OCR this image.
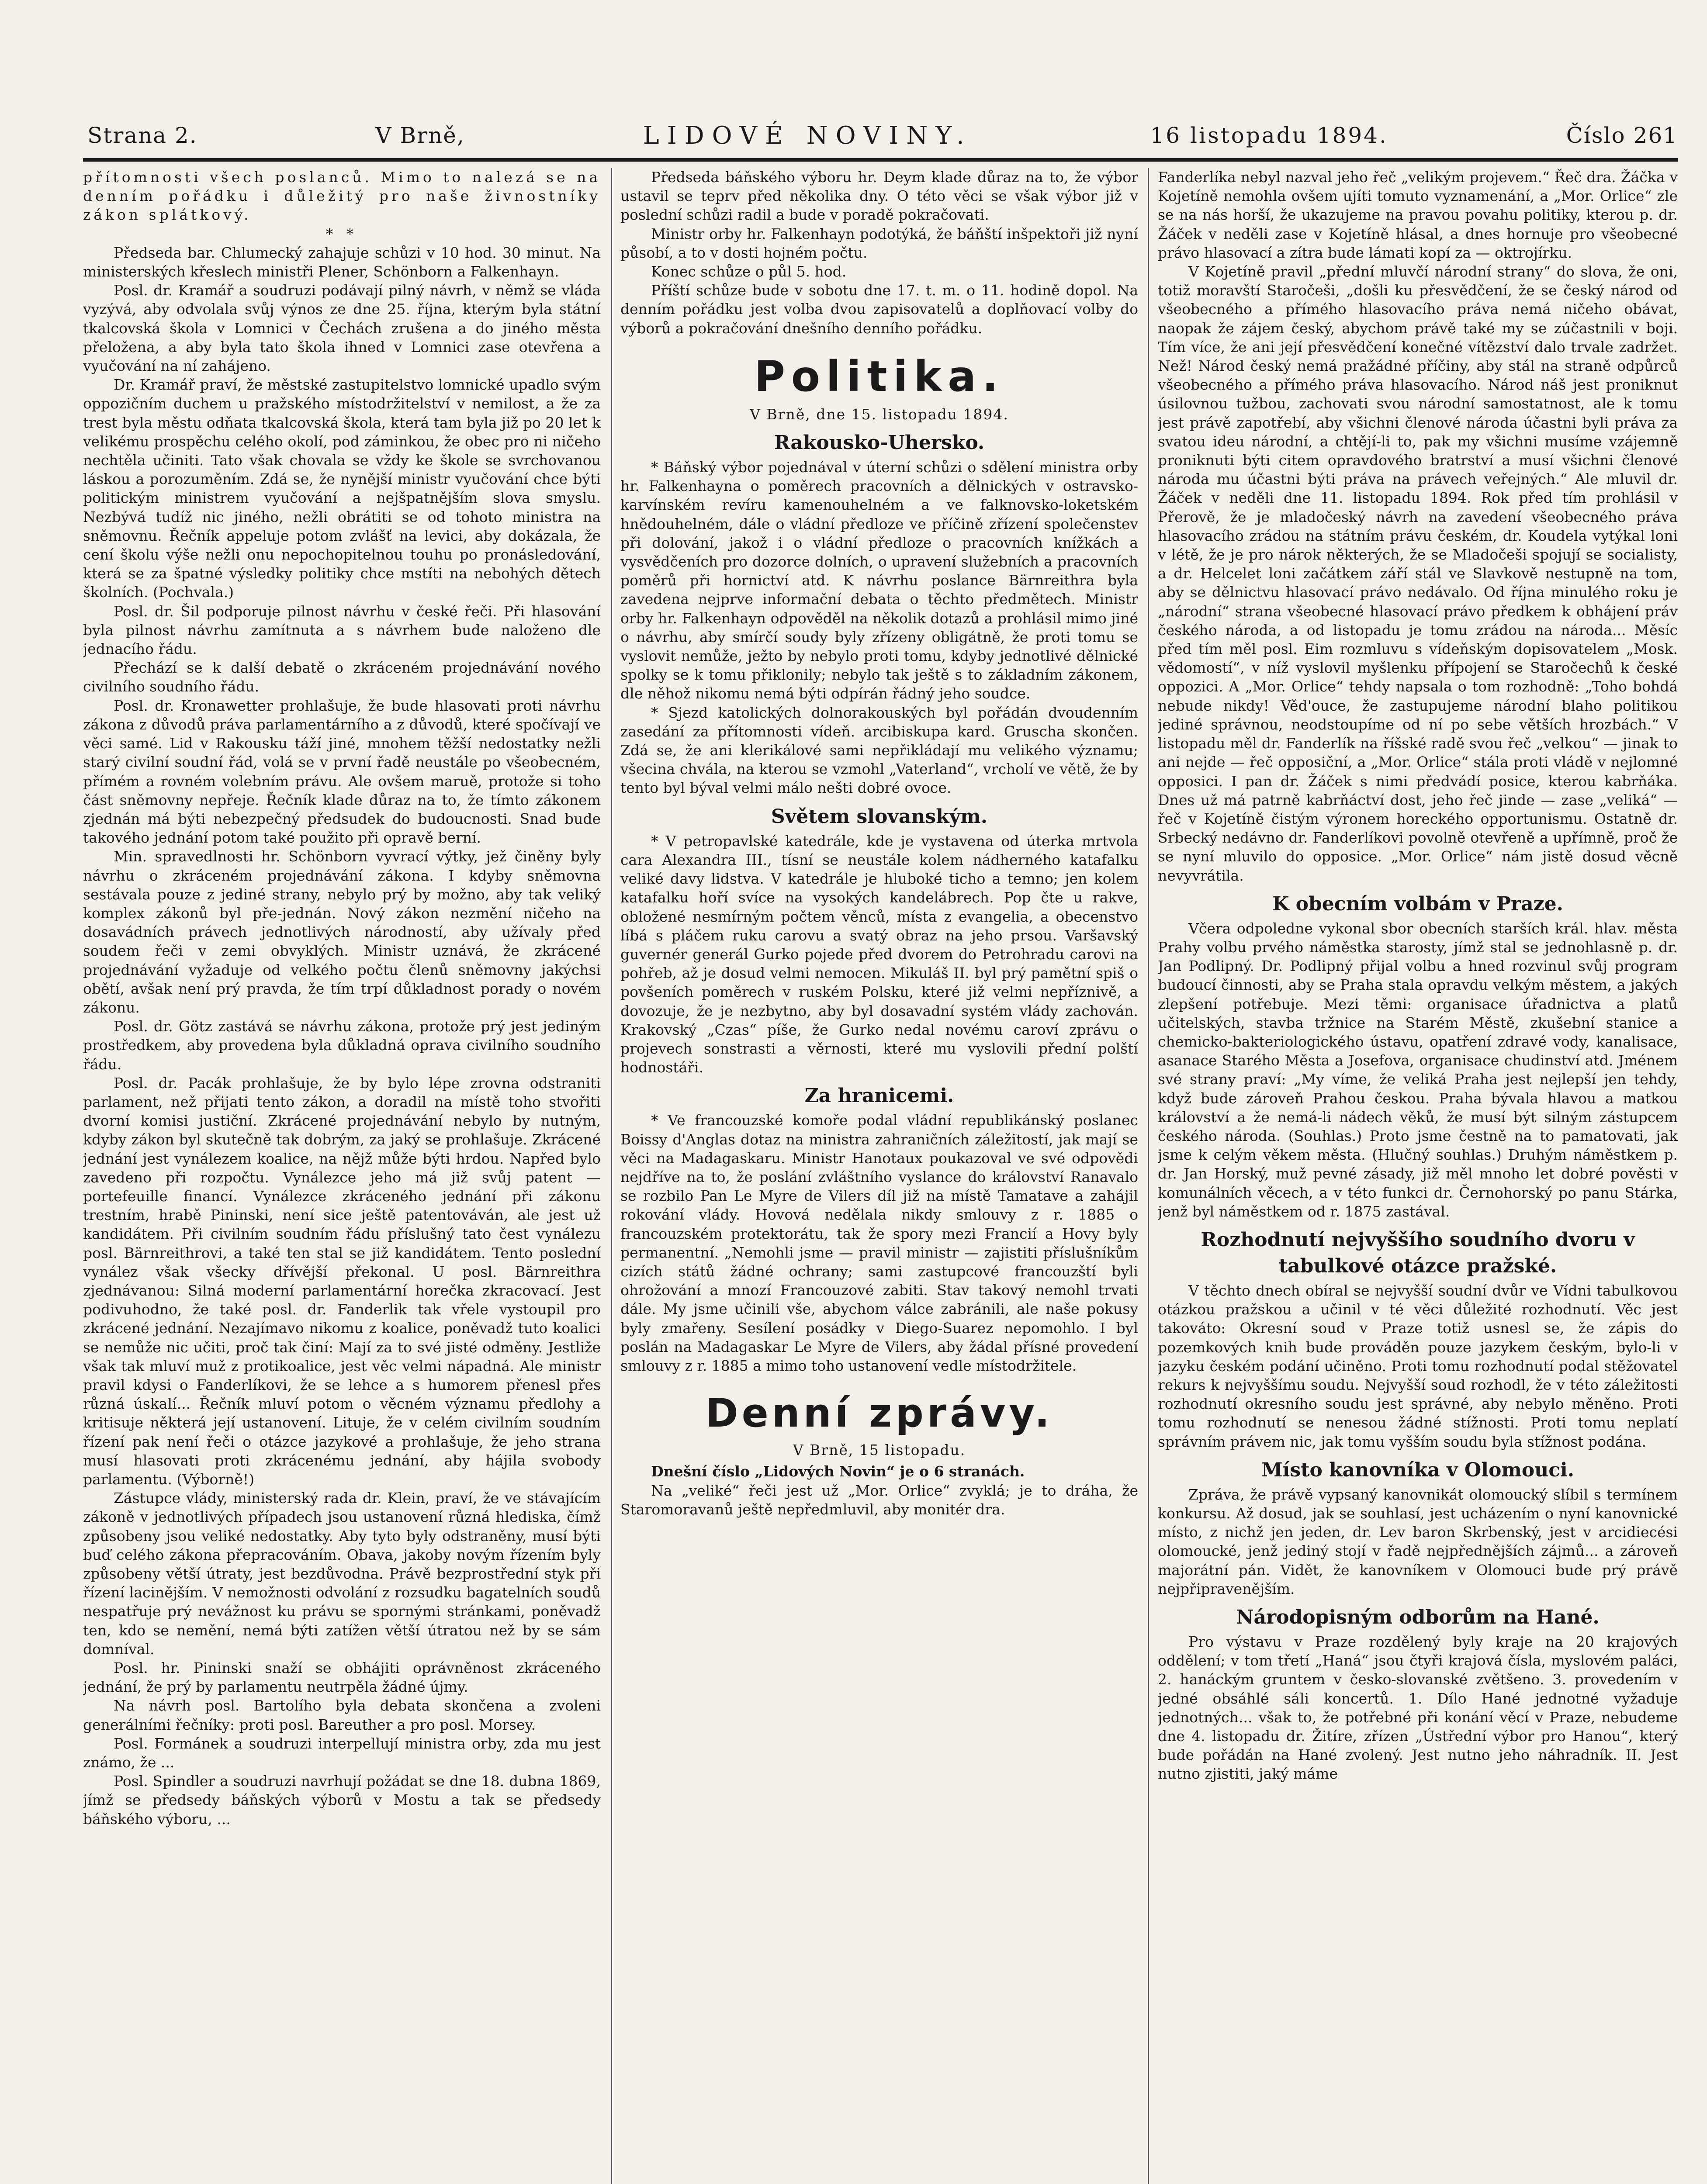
Strana 2.	V Brně,	LIDOVÉ NOVINY.	16 listopadu 1894.	Číslo 261

přítomnosti všech poslanců. Mimo to nalezá se na denním pořádku i důležitý pro naše živnostníky zákon splátkový.

* *

Předseda bar. Chlumecký zahajuje schůzi v 10 hod. 30 minut. Na ministerských křeslech ministři Plener, Schönborn a Falkenhayn.

Posl. dr. Kramář a soudruzi podávají pilný návrh, v němž se vláda vyzývá, aby odvolala svůj výnos ze dne 25. října, kterým byla státní tkalcovská škola v Lomnici v Čechách zrušena a do jiného města přeložena, a aby byla tato škola ihned v Lomnici zase otevřena a vyučování na ní zahájeno.

Dr. Kramář praví, že městské zastupitelstvo lomnické upadlo svým oppozičním duchem u pražského místodržitelství v nemilost, a že za trest byla městu odňata tkalcovská škola, která tam byla již po 20 let k velikému prospěchu celého okolí, pod záminkou, že obec pro ni ničeho nechtěla učiniti. Tato však chovala se vždy ke škole se svrchovanou láskou a porozuměním. Zdá se, že nynější ministr vyučování chce býti politickým ministrem vyučování a nejšpatnějším slova smyslu. Nezbývá tudíž nic jiného, nežli obrátiti se od tohoto ministra na sněmovnu. Řečník appeluje potom zvlášť na levici, aby dokázala, že cení školu výše nežli onu nepochopitelnou touhu po pronásledování, která se za špatné výsledky politiky chce mstíti na nebohých dětech školních. (Pochvala.)

Posl. dr. Šil podporuje pilnost návrhu v české řeči. Při hlasování byla pilnost návrhu zamítnuta a s návrhem bude naloženo dle jednacího řádu.

Přechází se k další debatě o zkráceném projednávání nového civilního soudního řádu.

Posl. dr. Kronawetter prohlašuje, že bude hlasovati proti návrhu zákona z důvodů práva parlamentárního a z důvodů, které spočívají ve věci samé. Lid v Rakousku táží jiné, mnohem těžší nedostatky nežli starý civilní soudní řád, volá se v první řadě neustále po všeobecném, přímém a rovném volebním právu. Ale ovšem maruě, protože si toho část sněmovny nepřeje. Řečník klade důraz na to, že tímto zákonem zjednán má býti nebezpečný předsudek do budoucnosti. Snad bude takového jednání potom také použito při opravě berní.

Min. spravedlnosti hr. Schönborn vyvrací výtky, jež činěny byly návrhu o zkráceném projednávání zákona. I kdyby sněmovna sestávala pouze z jediné strany, nebylo prý by možno, aby tak veliký komplex zákonů byl pře-jednán. Nový zákon nezmění ničeho na dosavádních právech jednotlivých národností, aby užívaly před soudem řeči v zemi obvyklých. Ministr uznává, že zkrácené projednávání vyžaduje od velkého počtu členů sněmovny jakýchsi obětí, avšak není prý pravda, že tím trpí důkladnost porady o novém zákonu.

Posl. dr. Götz zastává se návrhu zákona, protože prý jest jediným prostředkem, aby provedena byla důkladná oprava civilního soudního řádu.

Posl. dr. Pacák prohlašuje, že by bylo lépe zrovna odstraniti parlament, než přijati tento zákon, a doradil na místě toho stvořiti dvorní komisi justiční. Zkrácené projednávání nebylo by nutným, kdyby zákon byl skutečně tak dobrým, za jaký se prohlašuje. Zkrácené jednání jest vynálezem koalice, na nějž může býti hrdou. Napřed bylo zavedeno při rozpočtu. Vynálezce jeho má již svůj patent — portefeuille financí. Vynálezce zkráceného jednání při zákonu trestním, hrabě Pininski, není sice ještě patentováván, ale jest už kandidátem. Při civilním soudním řádu příslušný tato čest vynálezu posl. Bärnreithrovi, a také ten stal se již kandidátem. Tento poslední vynález však všecky dřívější překonal. U posl. Bärnreithra zjednávanou: Silná moderní parlamentární horečka zkracovací. Jest podivuhodno, že také posl. dr. Fanderlik tak vřele vystoupil pro zkrácené jednání. Nezajímavo nikomu z koalice, poněvadž tuto koalici se nemůže nic učiti, proč tak činí: Mají za to své jisté odměny. Jestliže však tak mluví muž z protikoalice, jest věc velmi nápadná. Ale ministr pravil kdysi o Fanderlíkovi, že se lehce a s humorem přenesl přes různá úskalí... Řečník mluví potom o věcném významu předlohy a kritisuje některá její ustanovení. Lituje, že v celém civilním soudním řízení pak není řeči o otázce jazykové a prohlašuje, že jeho strana musí hlasovati proti zkrácenému jednání, aby hájila svobody parlamentu. (Výborně!)

Zástupce vlády, ministerský rada dr. Klein, praví, že ve stávajícím zákoně v jednotlivých případech jsou ustanovení různá hlediska, čímž způsobeny jsou veliké nedostatky. Aby tyto byly odstraněny, musí býti buď celého zákona přepracováním. Obava, jakoby novým řízením byly způsobeny větší útraty, jest bezdůvodna. Právě bezprostřední styk při řízení lacinějším. V nemožnosti odvolání z rozsudku bagatelních soudů nespatřuje prý nevážnost ku právu se spornými stránkami, poněvadž ten, kdo se nemění, nemá býti zatížen větší útratou než by se sám domníval.

Posl. hr. Pininski snaží se obhájiti oprávněnost zkráceného jednání, že prý by parlamentu neutrpěla žádné újmy.

Na návrh posl. Bartolího byla debata skončena a zvoleni generálními řečníky: proti posl. Bareuther a pro posl. Morsey.

Posl. Formánek a soudruzi interpellují ministra orby, zda mu jest známo, že ...

Posl. Spindler a soudruzi navrhují požádat se dne 18. dubna 1869, jímž se předsedy báňských výborů v Mostu a tak se předsedy báňského výboru, ...

Předseda báňského výboru hr. Deym klade důraz na to, že výbor ustavil se teprv před několika dny. O této věci se však výbor již v poslední schůzi radil a bude v poradě pokračovati.

Ministr orby hr. Falkenhayn podotýká, že báňští inšpektoři již nyní působí, a to v dosti hojném počtu.

Konec schůze o půl 5. hod.

Příští schůze bude v sobotu dne 17. t. m. o 11. hodině dopol. Na denním pořádku jest volba dvou zapisovatelů a doplňovací volby do výborů a pokračování dnešního denního pořádku.

Politika.

V Brně, dne 15. listopadu 1894.

Rakousko-Uhersko.

* Báňský výbor pojednával v úterní schůzi o sdělení ministra orby hr. Falkenhayna o poměrech pracovních a dělnických v ostravsko-karvínském revíru kamenouhelném a ve falknovsko-loketském hnědouhelném, dále o vládní předloze ve příčině zřízení společenstev při dolování, jakož i o vládní předloze o pracovních knížkách a vysvědčeních pro dozorce dolních, o upravení služebních a pracovních poměrů při hornictví atd. K návrhu poslance Bärnreithra byla zavedena nejprve informační debata o těchto předmětech. Ministr orby hr. Falkenhayn odpověděl na několik dotazů a prohlásil mimo jiné o návrhu, aby smírčí soudy byly zřízeny obligátně, že proti tomu se vyslovit nemůže, ježto by nebylo proti tomu, kdyby jednotlivé dělnické spolky se k tomu přiklonily; nebylo tak ještě s to základním zákonem, dle něhož nikomu nemá býti odpírán řádný jeho soudce.

* Sjezd katolických dolnorakouských byl pořádán dvoudenním zasedání za přítomnosti vídeň. arcibiskupa kard. Gruscha skončen. Zdá se, že ani klerikálové sami nepřikládají mu velikého významu; všecina chvála, na kterou se vzmohl „Vaterland“, vrcholí ve větě, že by tento byl býval velmi málo nešti dobré ovoce.

Světem slovanským.

* V petropavlské katedrále, kde je vystavena od úterka mrtvola cara Alexandra III., tísní se neustále kolem nádherného katafalku veliké davy lidstva. V katedrále je hluboké ticho a temno; jen kolem katafalku hoří svíce na vysokých kandelábrech. Pop čte u rakve, obložené nesmírným počtem věnců, místa z evangelia, a obecenstvo líbá s pláčem ruku carovu a svatý obraz na jeho prsou. Varšavský guvernér generál Gurko pojede před dvorem do Petrohradu carovi na pohřeb, až je dosud velmi nemocen. Mikuláš II. byl prý pamětní spiš o povšeních poměrech v ruském Polsku, které již velmi nepříznivě, a dovozuje, že je nezbytno, aby byl dosavadní systém vlády zachován. Krakovský „Czas“ píše, že Gurko nedal novému caroví zprávu o projevech sonstrasti a věrnosti, které mu vyslovili přední polští hodnostáři.

Za hranicemi.

* Ve francouzské komoře podal vládní republikánský poslanec Boissy d'Anglas dotaz na ministra zahraničních záležitostí, jak mají se věci na Madagaskaru. Ministr Hanotaux poukazoval ve své odpovědi nejdříve na to, že poslání zvláštního vyslance do království Ranavalo se rozbilo Pan Le Myre de Vilers díl již na místě Tamatave a zahájil rokování vlády. Hovová nedělala nikdy smlouvy z r. 1885 o francouzském protektorátu, tak že spory mezi Francií a Hovy byly permanentní. „Nemohli jsme — pravil ministr — zajistiti příslušníkům cizích států žádné ochrany; sami zastupcové francouzští byli ohrožování a mnozí Francouzové zabiti. Stav takový nemohl trvati dále. My jsme učinili vše, abychom válce zabránili, ale naše pokusy byly zmařeny. Sesílení posádky v Diego-Suarez nepomohlo. I byl poslán na Madagaskar Le Myre de Vilers, aby žádal přísné provedení smlouvy z r. 1885 a mimo toho ustanovení vedle místodržitele.

Denní zprávy.

V Brně, 15 listopadu.

Dnešní číslo „Lidových Novin“ je o 6 stranách.

Na „veliké“ řeči jest už „Mor. Orlice“ zvyklá; je to dráha, že Staromoravanů ještě nepředmluvil, aby monitér dra.

Fanderlíka nebyl nazval jeho řeč „velikým projevem.“ Řeč dra. Žáčka v Kojetíně nemohla ovšem ujíti tomuto vyznamenání, a „Mor. Orlice“ zle se na nás horší, že ukazujeme na pravou povahu politiky, kterou p. dr. Žáček v neděli zase v Kojetíně hlásal, a dnes hornuje pro všeobecné právo hlasovací a zítra bude lámati kopí za — oktrojírku.

V Kojetíně pravil „přední mluvčí národní strany“ do slova, že oni, totiž moravští Staročeši, „došli ku přesvědčení, že se český národ od všeobecného a přímého hlasovacího práva nemá ničeho obávat, naopak že zájem český, abychom právě také my se zúčastnili v boji. Tím více, že ani její přesvědčení konečné vítězství dalo trvale zadržet. Než! Národ český nemá pražádné příčiny, aby stál na straně odpůrců všeobecného a přímého práva hlasovacího. Národ náš jest proniknut úsilovnou tužbou, zachovati svou národní samostatnost, ale k tomu jest právě zapotřebí, aby všichni členové národa účastni byli práva za svatou ideu národní, a chtějí-li to, pak my všichni musíme vzájemně proniknuti býti citem opravdového bratrství a musí všichni členové národa mu účastni býti práva na právech veřejných.“ Ale mluvil dr. Žáček v neděli dne 11. listopadu 1894. Rok před tím prohlásil v Přerově, že je mladočeský návrh na zavedení všeobecného práva hlasovacího zrádou na státním právu českém, dr. Koudela vytýkal loni v létě, že je pro nárok některých, že se Mladočeši spojují se socialisty, a dr. Helcelet loni začátkem září stál ve Slavkově nestupně na tom, aby se dělnictvu hlasovací právo nedávalo. Od října minulého roku je „národní“ strana všeobecné hlasovací právo předkem k obhájení práv českého národa, a od listopadu je tomu zrádou na národa... Měsíc před tím měl posl. Eim rozmluvu s vídeňským dopisovatelem „Mosk. vědomostí“, v níž vyslovil myšlenku přípojení se Staročechů k české oppozici. A „Mor. Orlice“ tehdy napsala o tom rozhodně: „Toho bohdá nebude nikdy! Věd'ouce, že zastupujeme národní blaho politikou jediné správnou, neodstoupíme od ní po sebe větších hrozbách.“ V listopadu měl dr. Fanderlík na říšské radě svou řeč „velkou“ — jinak to ani nejde — řeč opposiční, a „Mor. Orlice“ stála proti vládě v nejlomné opposici. I pan dr. Žáček s nimi předvádí posice, kterou kabrňáka. Dnes už má patrně kabrňáctví dost, jeho řeč jinde — zase „veliká“ — řeč v Kojetíně čistým výronem horeckého opportunismu. Ostatně dr. Srbecký nedávno dr. Fanderlíkovi povolně otevřeně a upřímně, proč že se nyní mluvilo do opposice. „Mor. Orlice“ nám jistě dosud věcně nevyvrátila.

K obecním volbám v Praze.

Včera odpoledne vykonal sbor obecních starších král. hlav. města Prahy volbu prvého náměstka starosty, jímž stal se jednohlasně p. dr. Jan Podlipný. Dr. Podlipný přijal volbu a hned rozvinul svůj program budoucí činnosti, aby se Praha stala opravdu velkým městem, a jakých zlepšení potřebuje. Mezi těmi: organisace úřadnictva a platů učitelských, stavba tržnice na Starém Městě, zkušební stanice a chemicko-bakteriologického ústavu, opatření zdravé vody, kanalisace, asanace Starého Města a Josefova, organisace chudinství atd. Jménem své strany praví: „My víme, že veliká Praha jest nejlepší jen tehdy, když bude zároveň Prahou českou. Praha bývala hlavou a matkou království a že nemá-li nádech věků, že musí být silným zástupcem českého národa. (Souhlas.) Proto jsme čestně na to pamatovati, jak jsme k celým věkem města. (Hlučný souhlas.) Druhým náměstkem p. dr. Jan Horský, muž pevné zásady, již měl mnoho let dobré pověsti v komunálních věcech, a v této funkci dr. Černohorský po panu Stárka, jenž byl náměstkem od r. 1875 zastával.

Rozhodnutí nejvyššího soudního dvoru v tabulkové otázce pražské.

V těchto dnech obíral se nejvyšší soudní dvůr ve Vídni tabulkovou otázkou pražskou a učinil v té věci důležité rozhodnutí. Věc jest takováto: Okresní soud v Praze totiž usnesl se, že zápis do pozemkových knih bude prováděn pouze jazykem českým, bylo-li v jazyku českém podání učiněno. Proti tomu rozhodnutí podal stěžovatel rekurs k nejvyššímu soudu. Nejvyšší soud rozhodl, že v této záležitosti rozhodnutí okresního soudu jest správné, aby nebylo měněno. Proti tomu rozhodnutí se nenesou žádné stížnosti. Proti tomu neplatí správním právem nic, jak tomu vyšším soudu byla stížnost podána.

Místo kanovníka v Olomouci.

Zpráva, že právě vypsaný kanovnikát olomoucký slíbil s termínem konkursu. Až dosud, jak se souhlasí, jest ucházením o nyní kanovnické místo, z nichž jen jeden, dr. Lev baron Skrbenský, jest v arcidiecési olomoucké, jenž jediný stojí v řadě nejpřednějších zájmů... a zároveň majorátní pán. Vidět, že kanovníkem v Olomouci bude prý právě nejpřipravenějším.

Národopisným odborům na Hané.

Pro výstavu v Praze rozdělený byly kraje na 20 krajových oddělení; v tom třetí „Haná“ jsou čtyři krajová čísla, myslovém paláci, 2. hanáckým gruntem v česko-slovanské zvětšeno. 3. provedením v jedné obsáhlé sáli koncertů. 1. Dílo Hané jednotné vyžaduje jednotných... však to, že potřebné při konání věcí v Praze, nebudeme dne 4. listopadu dr. Žitíre, zřízen „Ústřední výbor pro Hanou“, který bude pořádán na Hané zvolený. Jest nutno jeho náhradník. II. Jest nutno zjistiti, jaký máme
